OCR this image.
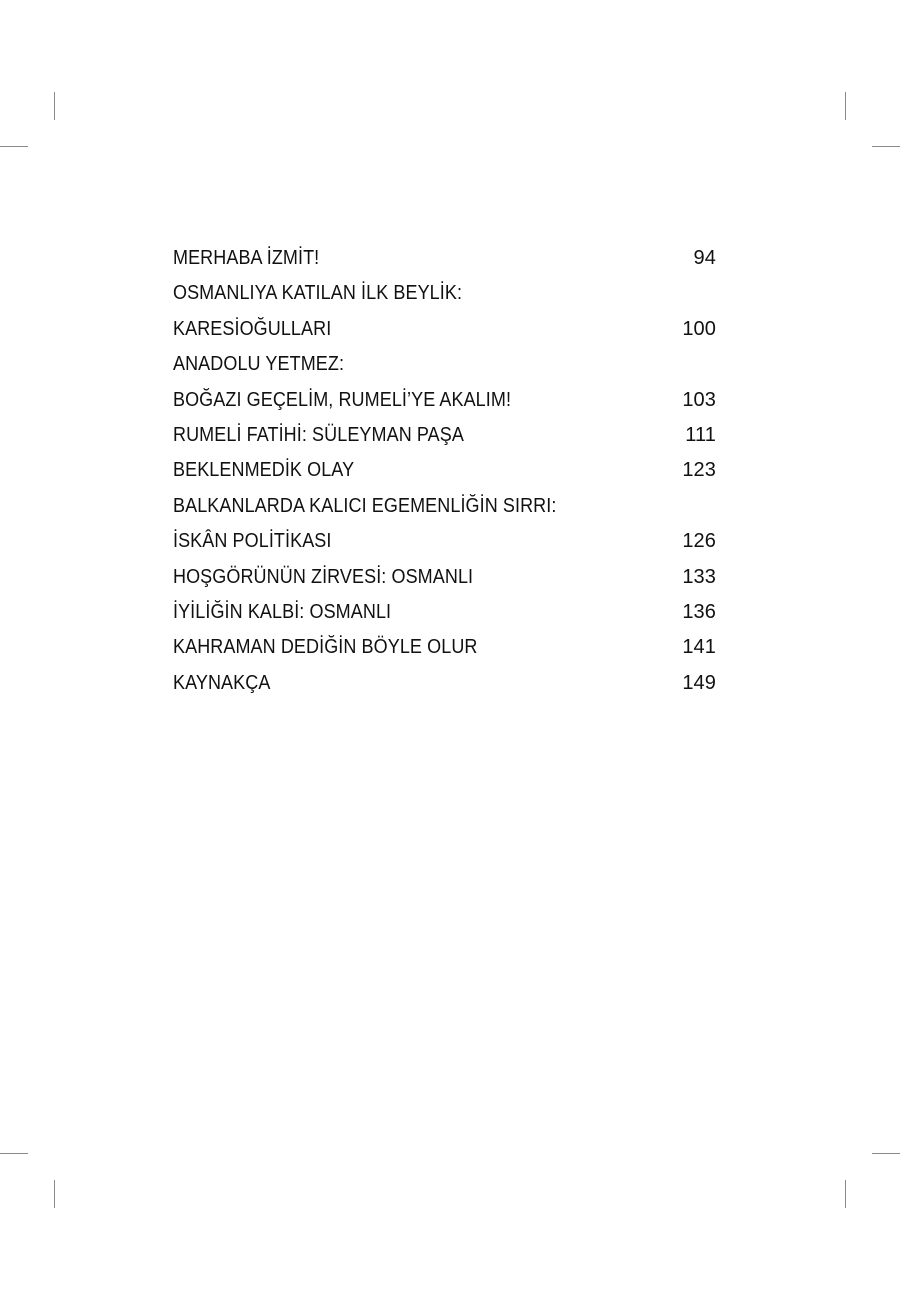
MERHABA İZMİT!	94
OSMANLIYA KATILAN İLK BEYLİK:
KARESİOĞULLARI	100
ANADOLU YETMEZ:
BOĞAZI GEÇELİM, RUMELİ’YE AKALIM!	103
RUMELİ FATİHİ: SÜLEYMAN PAŞA	111
BEKLENMEDİK OLAY	123
BALKANLARDA KALICI EGEMENLİĞİN SIRRI:
İSKÂN POLİTİKASI	126
HOŞGÖRÜNÜN ZİRVESİ: OSMANLI	133
İYİLİĞİN KALBİ: OSMANLI	136
KAHRAMAN DEDİĞİN BÖYLE OLUR	141
KAYNAKÇA	149
